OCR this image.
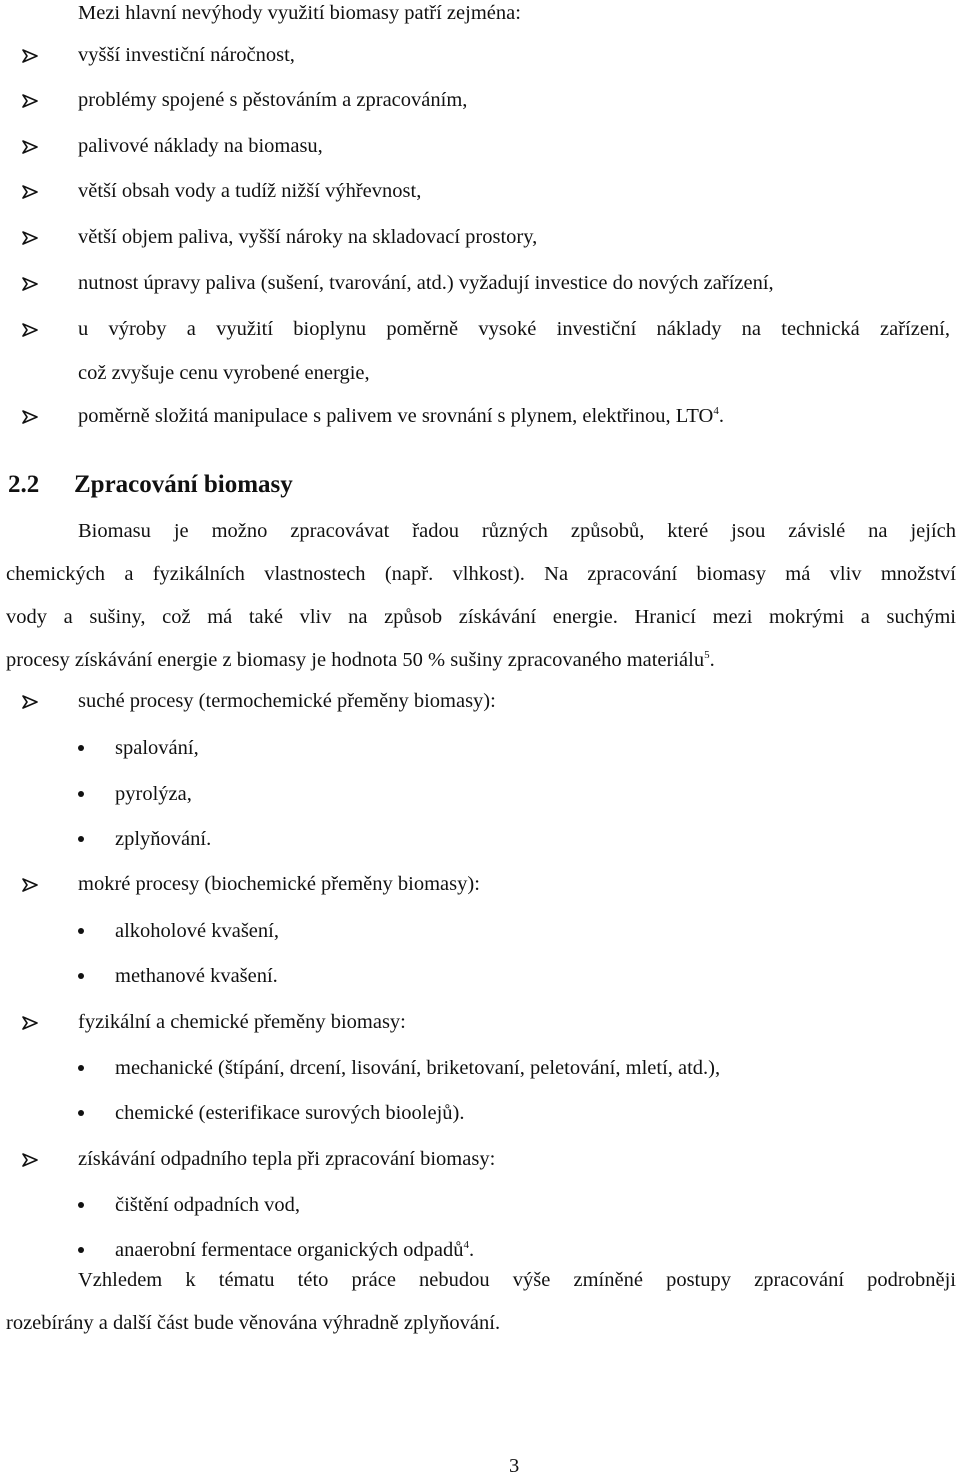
Mezi hlavní nevýhody využití biomasy patří zejména:
vyšší investiční náročnost,
problémy spojené s pěstováním a zpracováním,
palivové náklady na biomasu,
větší obsah vody a tudíž nižší výhřevnost,
větší objem paliva, vyšší nároky na skladovací prostory,
nutnost úpravy paliva (sušení, tvarování, atd.) vyžadují investice do nových zařízení,
u výroby a využití bioplynu poměrně vysoké investiční náklady na technická zařízení,
což zvyšuje cenu vyrobené energie,
poměrně složitá manipulace s palivem ve srovnání s plynem, elektřinou, LTO$^4$.
2.2 Zpracování biomasy
Biomasu je možno zpracovávat řadou různých způsobů, které jsou závislé na jejích
chemických a fyzikálních vlastnostech (např. vlhkost). Na zpracování biomasy má vliv množství
vody a sušiny, což má také vliv na způsob získávání energie. Hranicí mezi mokrými a suchými
procesy získávání energie z biomasy je hodnota 50 % sušiny zpracovaného materiálu$^5$.
suché procesy (termochemické přeměny biomasy):
spalování,
pyrolýza,
zplyňování.
mokré procesy (biochemické přeměny biomasy):
alkoholové kvašení,
methanové kvašení.
fyzikální a chemické přeměny biomasy:
mechanické (štípání, drcení, lisování, briketovaní, peletování, mletí, atd.),
chemické (esterifikace surových bioolejů).
získávání odpadního tepla při zpracování biomasy:
čištění odpadních vod,
anaerobní fermentace organických odpadů$^4$.
Vzhledem k tématu této práce nebudou výše zmíněné postupy zpracování podrobněji
rozebírány a další část bude věnována výhradně zplyňování.
3
